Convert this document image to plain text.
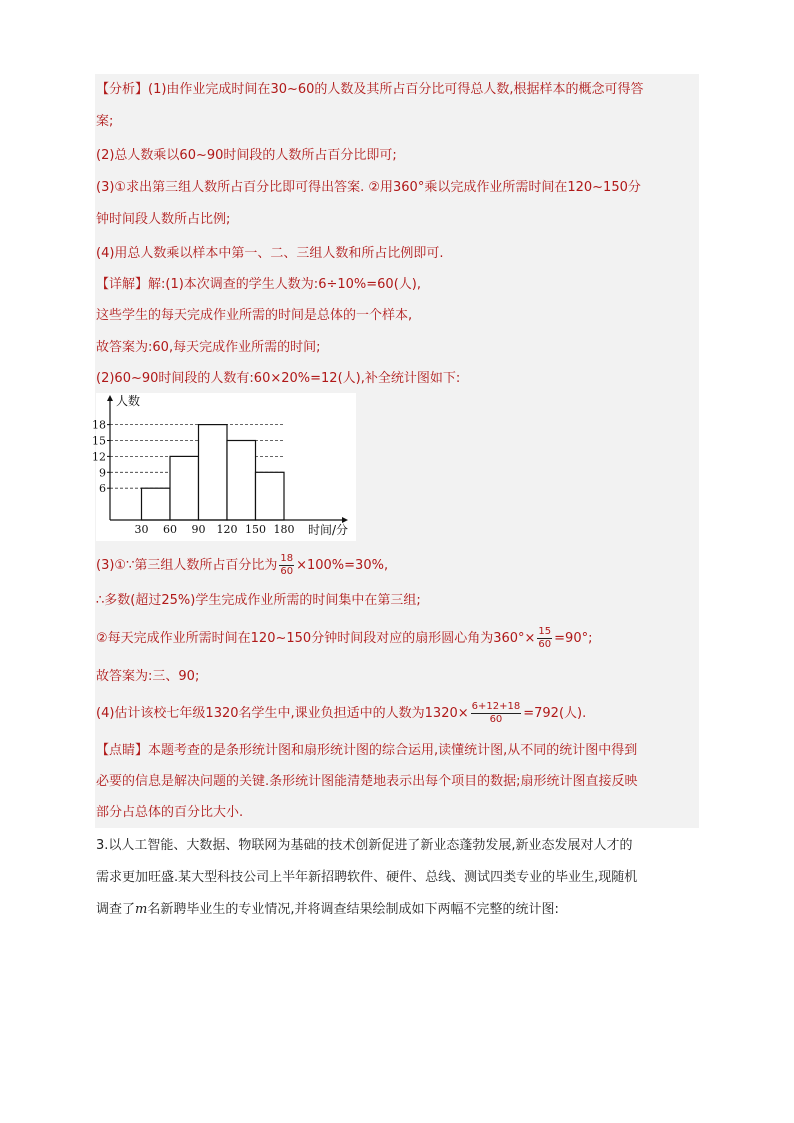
【分析】(1)由作业完成时间在30~60的人数及其所占百分比可得总人数,根据样本的概念可得答
案;
(2)总人数乘以60~90时间段的人数所占百分比即可;
(3)①求出第三组人数所占百分比即可得出答案. ②用360°乘以完成作业所需时间在120~150分
钟时间段人数所占比例;
(4)用总人数乘以样本中第一、二、三组人数和所占比例即可.
【详解】解:(1)本次调查的学生人数为:6÷10%=60(人),
这些学生的每天完成作业所需的时间是总体的一个样本,
故答案为:60,每天完成作业所需的时间;
(2)60~90时间段的人数有:60×20%=12(人),补全统计图如下:
6
9
12
15
18
30 60 90 120 150 180
人数
时间/分
(3)①∵第三组人数所占百分比为 $\frac{18}{60} \times 100\%=30\%$,
∴多数(超过25%)学生完成作业所需的时间集中在第三组;
②每天完成作业所需时间在120~150分钟时间段对应的扇形圆心角为$360^\circ\times \frac{15}{60} =90^\circ$;
故答案为:三、90;
(4)估计该校七年级1320名学生中,课业负担适中的人数为$1320\times \frac{6+12+18}{60} =792$(人).
【点睛】本题考查的是条形统计图和扇形统计图的综合运用,读懂统计图,从不同的统计图中得到
必要的信息是解决问题的关键.条形统计图能清楚地表示出每个项目的数据;扇形统计图直接反映
部分占总体的百分比大小.
3.以人工智能、大数据、物联网为基础的技术创新促进了新业态蓬勃发展,新业态发展对人才的
需求更加旺盛.某大型科技公司上半年新招聘软件、硬件、总线、测试四类专业的毕业生,现随机
调查了m名新聘毕业生的专业情况,并将调查结果绘制成如下两幅不完整的统计图:
